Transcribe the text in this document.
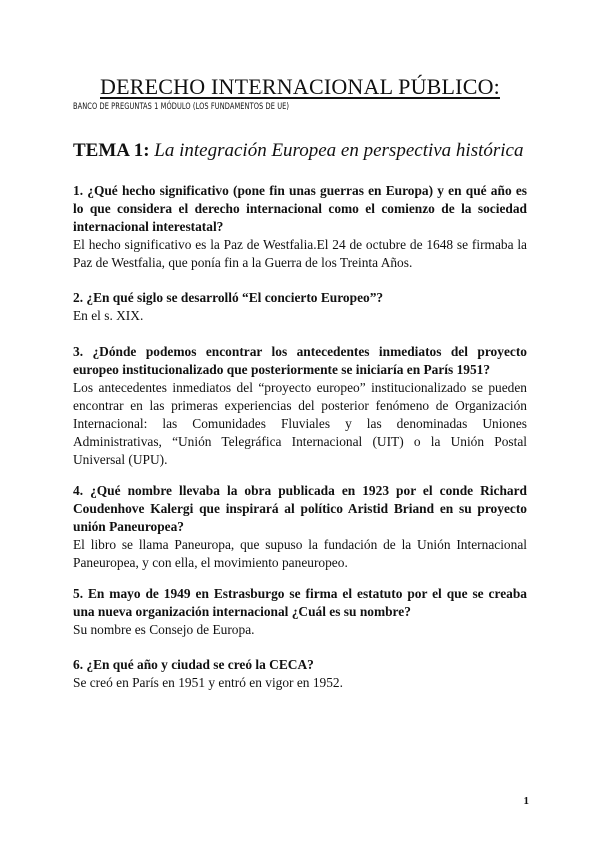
DERECHO INTERNACIONAL PÚBLICO:
BANCO DE PREGUNTAS 1 MÓDULO (LOS FUNDAMENTOS DE UE)
TEMA 1: La integración Europea en perspectiva histórica
1. ¿Qué hecho significativo (pone fin unas guerras en Europa) y en qué año es lo que considera el derecho internacional como el comienzo de la sociedad internacional interestatal?
El hecho significativo es la Paz de Westfalia.El 24 de octubre de 1648 se firmaba la Paz de Westfalia, que ponía fin a la Guerra de los Treinta Años.
2. ¿En qué siglo se desarrolló “El concierto Europeo”?
En el s. XIX.
3. ¿Dónde podemos encontrar los antecedentes inmediatos del proyecto europeo institucionalizado que posteriormente se iniciaría en París 1951?
Los antecedentes inmediatos del “proyecto europeo” institucionalizado se pueden encontrar en las primeras experiencias del posterior fenómeno de Organización Internacional: las Comunidades Fluviales y las denominadas Uniones Administrativas, “Unión Telegráfica Internacional (UIT) o la Unión Postal Universal (UPU).
4. ¿Qué nombre llevaba la obra publicada en 1923 por el conde Richard Coudenhove Kalergi que inspirará al político Aristid Briand en su proyecto unión Paneuropea?
El libro se llama Paneuropa, que supuso la fundación de la Unión Internacional Paneuropea, y con ella, el movimiento paneuropeo.
5. En mayo de 1949 en Estrasburgo se firma el estatuto por el que se creaba una nueva organización internacional ¿Cuál es su nombre?
Su nombre es Consejo de Europa.
6. ¿En qué año y ciudad se creó la CECA?
Se creó en París en 1951 y entró en vigor en 1952.
1
